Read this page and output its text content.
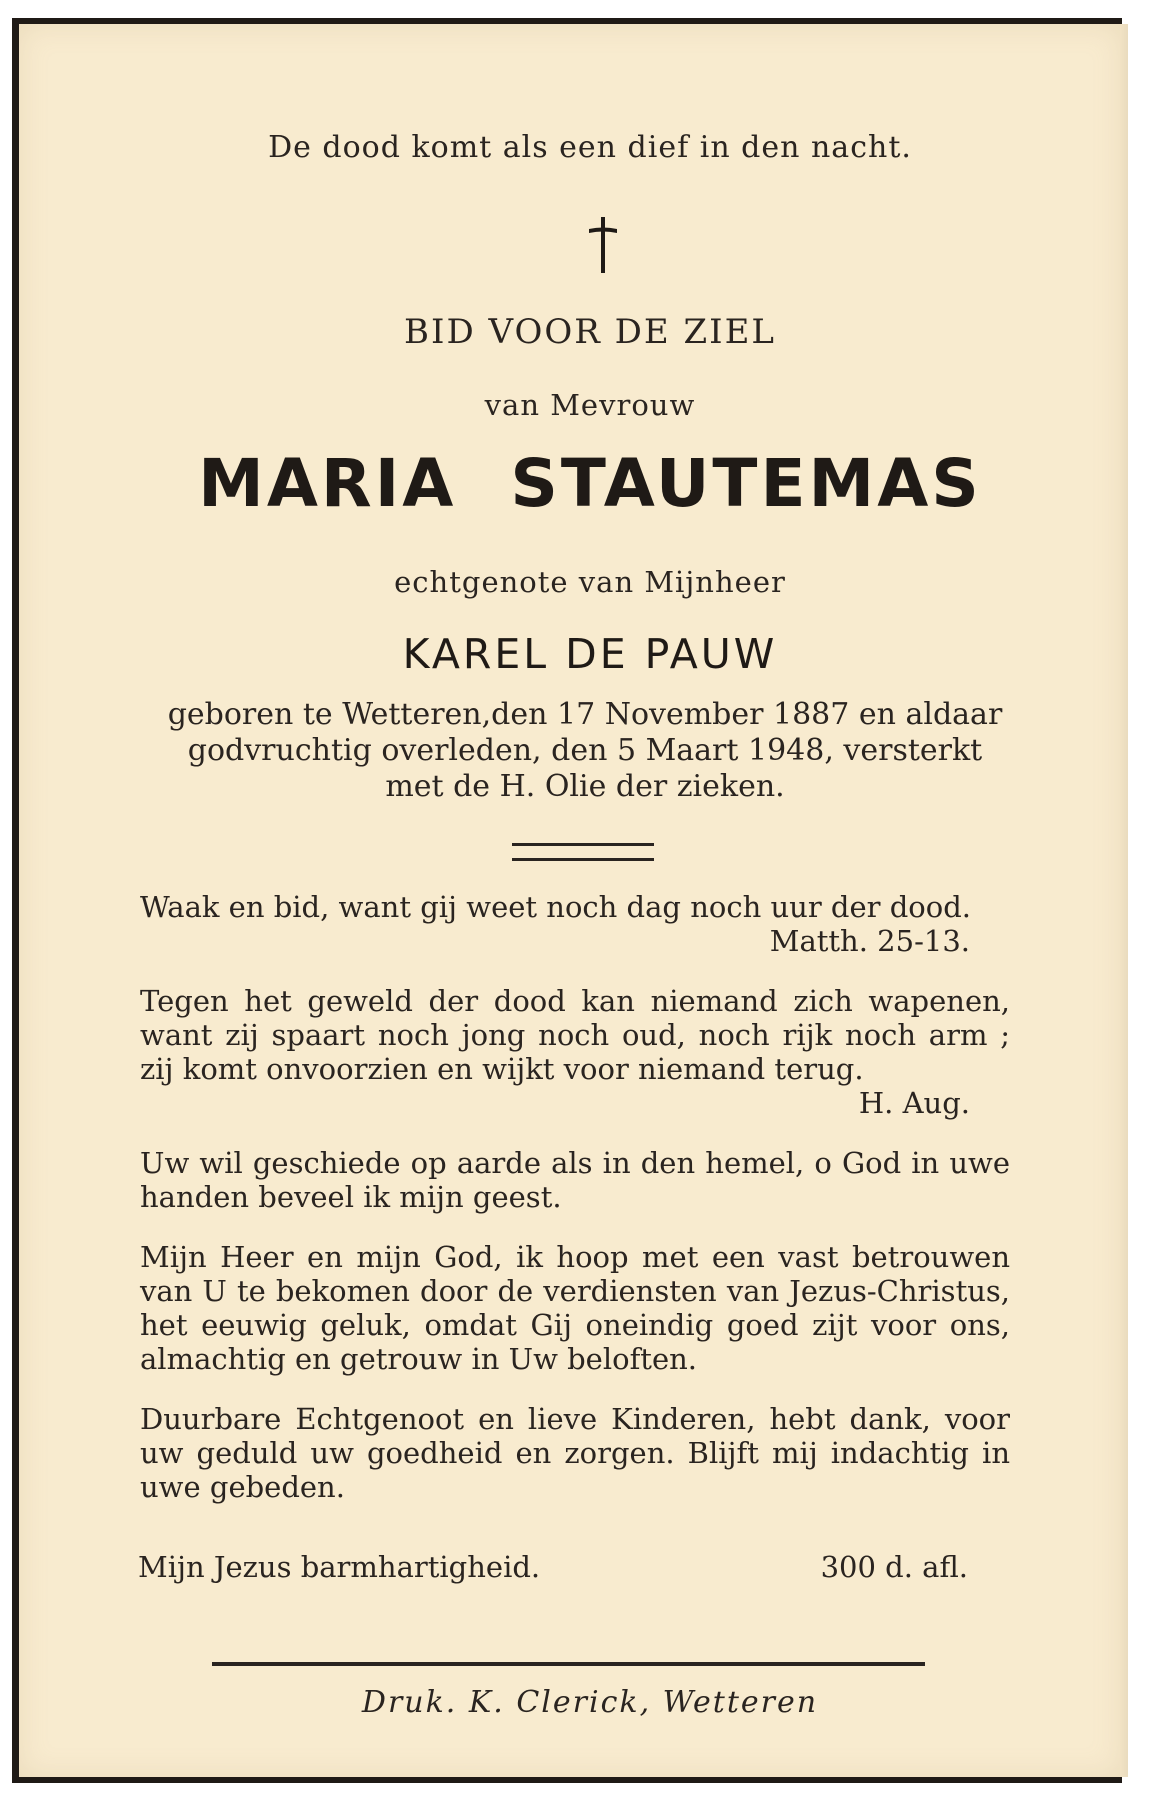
De dood komt als een dief in den nacht.
BID VOOR DE ZIEL
van Mevrouw
MARIA STAUTEMAS
echtgenote van Mijnheer
KAREL DE PAUW
geboren te Wetteren,den 17 November 1887 en aldaar
godvruchtig overleden, den 5 Maart 1948, versterkt
met de H. Olie der zieken.
Waak en bid, want gij weet noch dag noch uur der dood.
Matth. 25-13.
Tegen het geweld der dood kan niemand zich wapenen, want zij spaart noch jong noch oud, noch rijk noch arm ; zij komt onvoorzien en wijkt voor niemand terug.
H. Aug.
Uw wil geschiede op aarde als in den hemel, o God in uwe handen beveel ik mijn geest.
Mijn Heer en mijn God, ik hoop met een vast betrouwen van U te bekomen door de verdiensten van Jezus-Christus, het eeuwig geluk, omdat Gij oneindig goed zijt voor ons, almachtig en getrouw in Uw beloften.
Duurbare Echtgenoot en lieve Kinderen, hebt dank, voor uw geduld uw goedheid en zorgen. Blijft mij indachtig in uwe gebeden.
Mijn Jezus barmhartigheid.	300 d. afl.
Druk. K. Clerick, Wetteren
